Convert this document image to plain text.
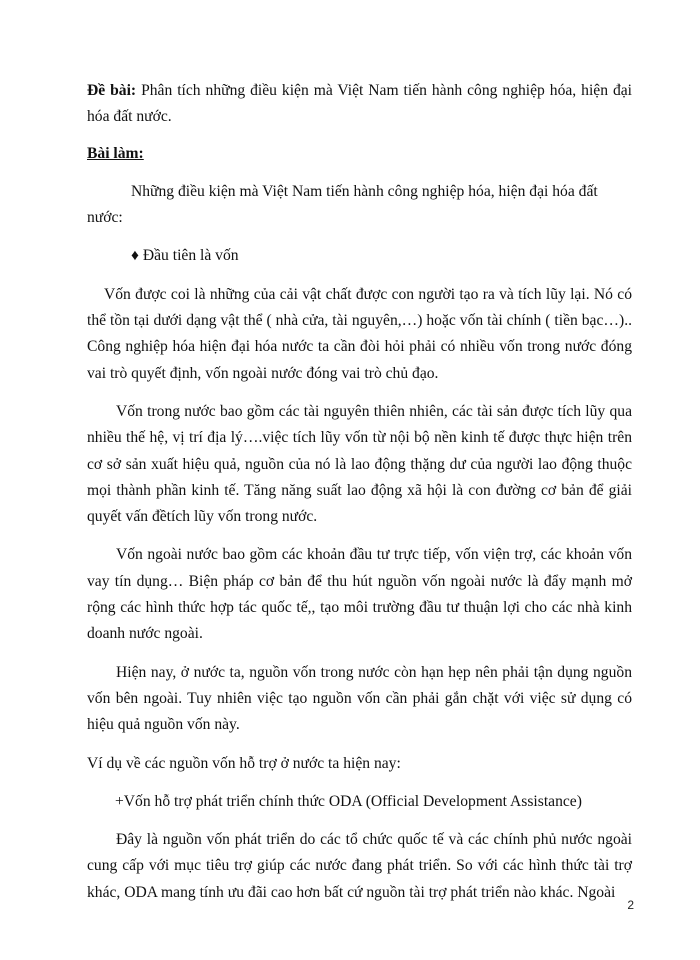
Đề bài: Phân tích những điều kiện mà Việt Nam tiến hành công nghiệp hóa, hiện đại hóa đất nước.

Bài làm:

Những điều kiện mà Việt Nam tiến hành công nghiệp hóa, hiện đại hóa đất nước:

♦ Đầu tiên là vốn

Vốn được coi là những của cải vật chất được con người tạo ra và tích lũy lại. Nó có thể tồn tại dưới dạng vật thể ( nhà cửa, tài nguyên,…) hoặc vốn tài chính ( tiền bạc…).. Công nghiệp hóa hiện đại hóa nước ta cần đòi hỏi phải có nhiều vốn trong nước đóng vai trò quyết định, vốn ngoài nước đóng vai trò chủ đạo.

Vốn trong nước bao gồm các tài nguyên thiên nhiên, các tài sản được tích lũy qua nhiều thế hệ, vị trí địa lý….việc tích lũy vốn từ nội bộ nền kinh tế được thực hiện trên cơ sở sản xuất hiệu quả, nguồn của nó là lao động thặng dư của người lao động thuộc mọi thành phần kinh tế. Tăng năng suất lao động xã hội là con đường cơ bản để giải quyết vấn đềtích lũy vốn trong nước.

Vốn ngoài nước bao gồm các khoản đầu tư trực tiếp, vốn viện trợ, các khoản vốn vay tín dụng… Biện pháp cơ bản để thu hút nguồn vốn ngoài nước là đẩy mạnh mở rộng các hình thức hợp tác quốc tế,, tạo môi trường đầu tư thuận lợi cho các nhà kinh doanh nước ngoài.

Hiện nay, ở nước ta, nguồn vốn trong nước còn hạn hẹp nên phải tận dụng nguồn vốn bên ngoài. Tuy nhiên việc tạo nguồn vốn cần phải gắn chặt với việc sử dụng có hiệu quả nguồn vốn này.

Ví dụ về các nguồn vốn hỗ trợ ở nước ta hiện nay:

+Vốn hỗ trợ phát triển chính thức ODA (Official Development Assistance)

Đây là nguồn vốn phát triển do các tổ chức quốc tế và các chính phủ nước ngoài cung cấp với mục tiêu trợ giúp các nước đang phát triển. So với các hình thức tài trợ khác, ODA mang tính ưu đãi cao hơn bất cứ nguồn tài trợ phát triển nào khác. Ngoài

2
